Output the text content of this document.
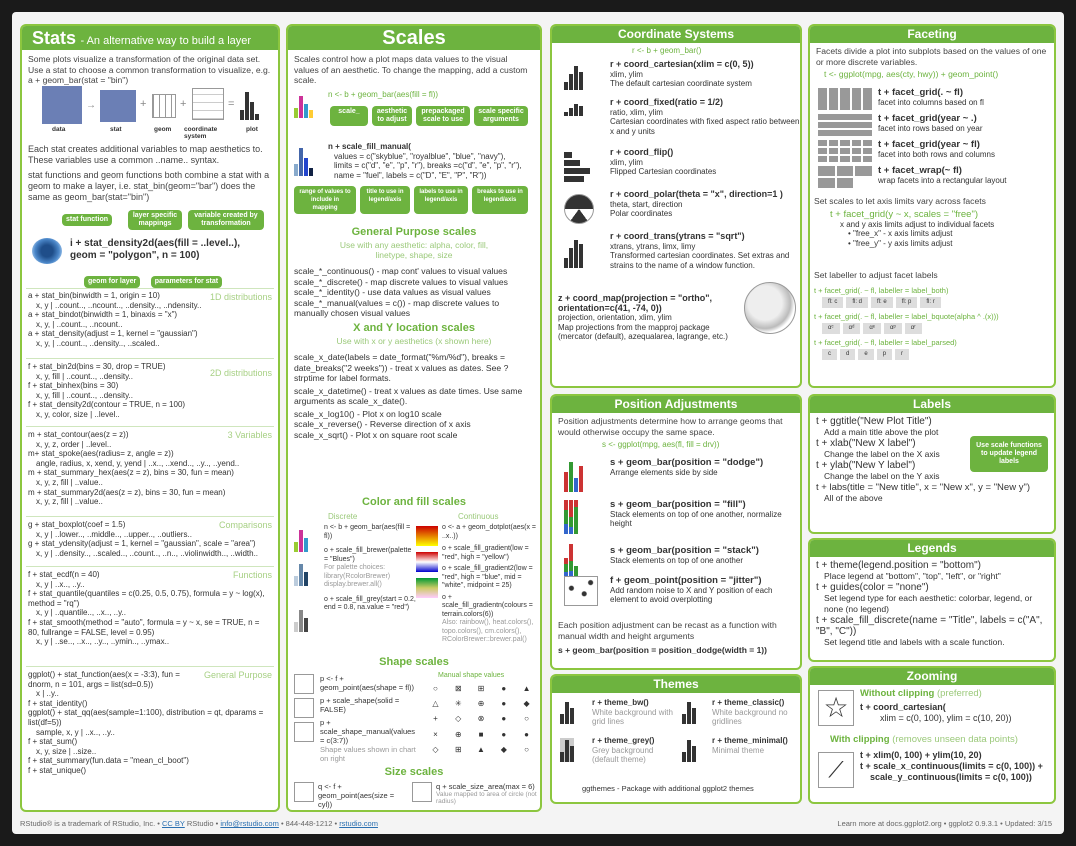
Stats - An alternative way to build a layer
Some plots visualize a transformation of the original data set. Use a stat to choose a common transformation to visualize, e.g. a + geom_bar(stat = "bin")
→	+	+	=
data	stat	geom coordinate system
plot
Each stat creates additional variables to map aesthetics to. These variables use a common ..name.. syntax.
stat functions and geom functions both combine a stat with a geom to make a layer, i.e. stat_bin(geom="bar") does the same as geom_bar(stat="bin")
stat function
layer specific mappings
variable created by transformation
i + stat_density2d(aes(fill = ..level..), geom = "polygon", n = 100)
geom for layer	parameters for stat
1D distributions
a + stat_bin(binwidth = 1, origin = 10)
x, y | ..count.., ..ncount.., ..density.., ..ndensity..
a + stat_bindot(binwidth = 1, binaxis = "x")
x, y, | ..count.., ..ncount..
a + stat_density(adjust = 1, kernel = "gaussian")
x, y, | ..count.., ..density.., ..scaled..
2D distributions
f + stat_bin2d(bins = 30, drop = TRUE)
x, y, fill | ..count.., ..density..
f + stat_binhex(bins = 30)
x, y, fill | ..count.., ..density..
f + stat_density2d(contour = TRUE, n = 100)
x, y, color, size | ..level..
3 Variables
m + stat_contour(aes(z = z))
x, y, z, order | ..level..
m+ stat_spoke(aes(radius= z, angle = z))
angle, radius, x, xend, y, yend | ..x.., ..xend.., ..y.., ..yend..
m + stat_summary_hex(aes(z = z), bins = 30, fun = mean)
x, y, z, fill | ..value..
m + stat_summary2d(aes(z = z), bins = 30, fun = mean)
x, y, z, fill | ..value..
Comparisons
g + stat_boxplot(coef = 1.5)
x, y | ..lower.., ..middle.., ..upper.., ..outliers..
g + stat_ydensity(adjust = 1, kernel = "gaussian", scale = "area")
x, y | ..density.., ..scaled.., ..count.., ..n.., ..violinwidth.., ..width..
Functions
f + stat_ecdf(n = 40)
x, y | ..x.., ..y..
f + stat_quantile(quantiles = c(0.25, 0.5, 0.75), formula = y ~ log(x), method = "rq")
x, y | ..quantile.., ..x.., ..y..
f + stat_smooth(method = "auto", formula = y ~ x, se = TRUE, n = 80, fullrange = FALSE, level = 0.95)
x, y | ..se.., ..x.., ..y.., ..ymin.., ..ymax..
General Purpose
ggplot() + stat_function(aes(x = -3:3), fun = dnorm, n = 101, args = list(sd=0.5))
x | ..y..
f + stat_identity()
ggplot() + stat_qq(aes(sample=1:100), distribution = qt, dparams = list(df=5))
sample, x, y | ..x.., ..y..
f + stat_sum()
x, y, size | ..size..
f + stat_summary(fun.data = "mean_cl_boot")
f + stat_unique()
Scales
Scales control how a plot maps data values to the visual values of an aesthetic. To change the mapping, add a custom scale.
n <- b + geom_bar(aes(fill = fl))
scale_	aesthetic to adjust
prepackaged scale to use
scale specific arguments
n + scale_fill_manual(
values = c("skyblue", "royalblue", "blue", "navy"),
limits = c("d", "e", "p", "r"), breaks =c("d", "e", "p", "r"),
name = "fuel", labels = c("D", "E", "P", "R"))
range of values to include in mapping
title to use in legend/axis
labels to use in legend/axis
breaks to use in legend/axis
General Purpose scales
Use with any aesthetic: alpha, color, fill, linetype, shape, size
scale_*_continuous() - map cont' values to visual values
scale_*_discrete() - map discrete values to visual values
scale_*_identity() - use data values as visual values
scale_*_manual(values = c()) - map discrete values to manually chosen visual values
X and Y location scales
Use with x or y aesthetics (x shown here)
scale_x_date(labels = date_format("%m/%d"), breaks = date_breaks("2 weeks")) - treat x values as dates. See ?strptime for label formats.
scale_x_datetime() - treat x values as date times. Use same arguments as scale_x_date().
scale_x_log10() - Plot x on log10 scale
scale_x_reverse() - Reverse direction of x axis
scale_x_sqrt() - Plot x on square root scale
Color and fill scales
Discrete	Continuous
n <- b + geom_bar(aes(fill = fl))
o + scale_fill_brewer(palette = "Blues")
For palette choices: library(RcolorBrewer) display.brewer.all()
o + scale_fill_grey(start = 0.2, end = 0.8, na.value = "red")
o <- a + geom_dotplot(aes(x = ..x..))
o + scale_fill_gradient(low = "red", high = "yellow")
o + scale_fill_gradient2(low = "red", high = "blue", mid = "white", midpoint = 25)
o + scale_fill_gradientn(colours = terrain.colors(6))
Also: rainbow(), heat.colors(), topo.colors(), cm.colors(), RColorBrewer::brewer.pal()
Shape scales
p <- f + geom_point(aes(shape = fl))
p + scale_shape(solid = FALSE)
p + scale_shape_manual(values = c(3:7))
Shape values shown in chart on right
Manual shape values
○	⊠	⊞	●	▲
△	✳	⊕	●	◆
+	◇	⊗	●	○
×	⊕	■	●	●
◇	⊞	▲	◆	○
Size scales
q <- f + geom_point(aes(size = cyl))
q + scale_size_area(max = 6)
Value mapped to area of circle (not radius)
Coordinate Systems
r <- b + geom_bar()
r + coord_cartesian(xlim = c(0, 5))
xlim, ylim
The default cartesian coordinate system
r + coord_fixed(ratio = 1/2)
ratio, xlim, ylim
Cartesian coordinates with fixed aspect ratio between x and y units
r + coord_flip()
xlim, ylim
Flipped Cartesian coordinates
r + coord_polar(theta = "x", direction=1 )
theta, start, direction
Polar coordinates
r + coord_trans(ytrans = "sqrt")
xtrans, ytrans, limx, limy
Transformed cartesian coordinates. Set extras and strains to the name of a window function.
z + coord_map(projection = "ortho", orientation=c(41, -74, 0))
projection, orientation, xlim, ylim
Map projections from the mapproj package (mercator (default), azequalarea, lagrange, etc.)
Faceting
Facets divide a plot into subplots based on the values of one or more discrete variables.
t <- ggplot(mpg, aes(cty, hwy)) + geom_point()
t + facet_grid(. ~ fl)
facet into columns based on fl
t + facet_grid(year ~ .)
facet into rows based on year
t + facet_grid(year ~ fl)
facet into both rows and columns
t + facet_wrap(~ fl)
wrap facets into a rectangular layout
Set scales to let axis limits vary across facets
t + facet_grid(y ~ x, scales = "free")
x and y axis limits adjust to individual facets
• "free_x" - x axis limits adjust
• "free_y" - y axis limits adjust
Set labeller to adjust facet labels
t + facet_grid(. ~ fl, labeller = label_both)
fl: c	fl: d	fl: e	fl: p	fl: r
t + facet_grid(. ~ fl, labeller = label_bquote(alpha ^ .(x)))
αᶜ	αᵈ	αᵉ	αᵖ	αʳ
t + facet_grid(. ~ fl, labeller = label_parsed)
c	d	e	p	r
Position Adjustments
Position adjustments determine how to arrange geoms that would otherwise occupy the same space.
s <- ggplot(mpg, aes(fl, fill = drv))
s + geom_bar(position = "dodge")
Arrange elements side by side
s + geom_bar(position = "fill")
Stack elements on top of one another, normalize height
s + geom_bar(position = "stack")
Stack elements on top of one another
f + geom_point(position = "jitter")
Add random noise to X and Y position of each element to avoid overplotting
Each position adjustment can be recast as a function with manual width and height arguments
s + geom_bar(position = position_dodge(width = 1))
Labels
t + ggtitle("New Plot Title")
Add a main title above the plot
t + xlab("New X label")
Change the label on the X axis
t + ylab("New Y label")
Change the label on the Y axis
t + labs(title = "New title", x = "New x", y = "New y")
All of the above
Use scale functions to update legend labels
Legends
t + theme(legend.position = "bottom")
Place legend at "bottom", "top", "left", or "right"
t + guides(color = "none")
Set legend type for each aesthetic: colorbar, legend, or none (no legend)
t + scale_fill_discrete(name = "Title", labels = c("A", "B", "C"))
Set legend title and labels with a scale function.
Themes
r + theme_bw()
White background with grid lines
r + theme_classic()
White background no gridlines
r + theme_grey()
Grey background (default theme)
r + theme_minimal()
Minimal theme
ggthemes - Package with additional ggplot2 themes
Zooming
☆	Without clipping (preferred)
t + coord_cartesian(
xlim = c(0, 100), ylim = c(10, 20))
With clipping (removes unseen data points)
⟋
t + xlim(0, 100) + ylim(10, 20)
t + scale_x_continuous(limits = c(0, 100)) +
scale_y_continuous(limits = c(0, 100))
RStudio® is a trademark of RStudio, Inc. • CC BY RStudio • info@rstudio.com • 844-448-1212 • rstudio.com	Learn more at docs.ggplot2.org • ggplot2 0.9.3.1 • Updated: 3/15
